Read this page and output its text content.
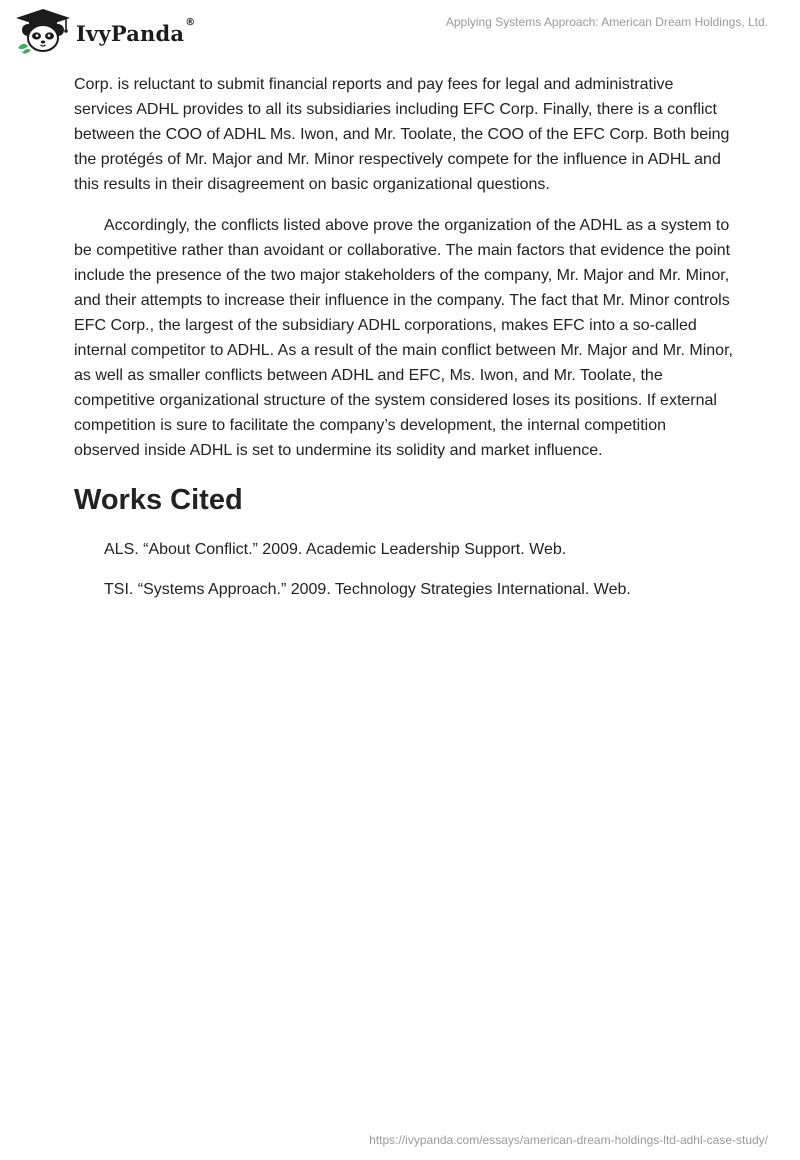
IvyPanda ®	Applying Systems Approach: American Dream Holdings, Ltd.

Corp. is reluctant to submit financial reports and pay fees for legal and administrative services ADHL provides to all its subsidiaries including EFC Corp. Finally, there is a conflict between the COO of ADHL Ms. Iwon, and Mr. Toolate, the COO of the EFC Corp. Both being the protégés of Mr. Major and Mr. Minor respectively compete for the influence in ADHL and this results in their disagreement on basic organizational questions.

Accordingly, the conflicts listed above prove the organization of the ADHL as a system to be competitive rather than avoidant or collaborative. The main factors that evidence the point include the presence of the two major stakeholders of the company, Mr. Major and Mr. Minor, and their attempts to increase their influence in the company. The fact that Mr. Minor controls EFC Corp., the largest of the subsidiary ADHL corporations, makes EFC into a so-called internal competitor to ADHL. As a result of the main conflict between Mr. Major and Mr. Minor, as well as smaller conflicts between ADHL and EFC, Ms. Iwon, and Mr. Toolate, the competitive organizational structure of the system considered loses its positions. If external competition is sure to facilitate the company’s development, the internal competition observed inside ADHL is set to undermine its solidity and market influence.

Works Cited

ALS. “About Conflict.” 2009. Academic Leadership Support. Web.

TSI. “Systems Approach.” 2009. Technology Strategies International. Web.

https://ivypanda.com/essays/american-dream-holdings-ltd-adhl-case-study/
